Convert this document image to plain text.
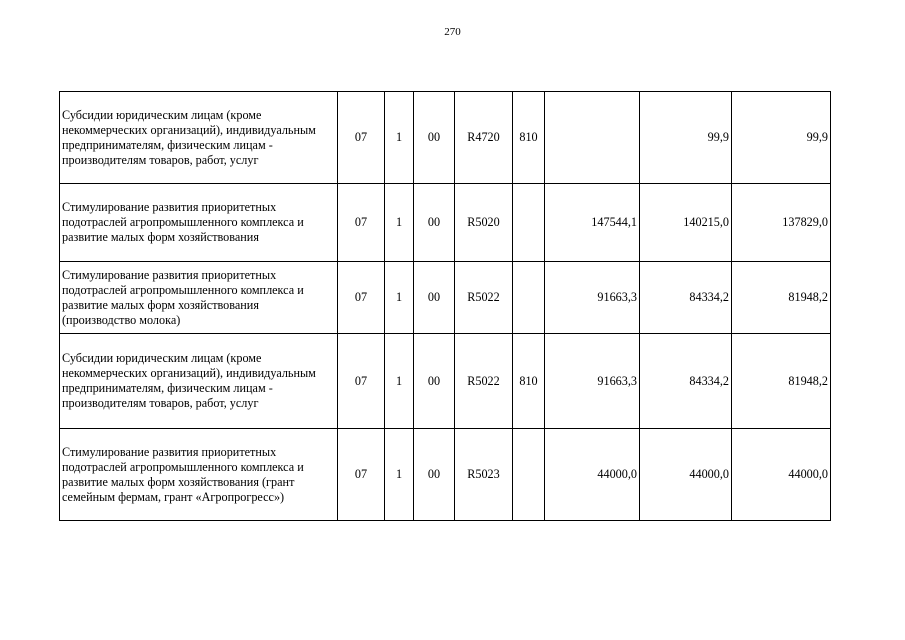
270
Субсидии юридическим лицам (кроме некоммерческих организаций), индивидуальным предпринимателям, физическим лицам - производителям товаров, работ, услуг	07	1	00	R4720	810		99,9	99,9
Стимулирование развития приоритетных подотраслей агропромышленного комплекса и развитие малых форм хозяйствования	07	1	00	R5020		147544,1	140215,0	137829,0
Стимулирование развития приоритетных подотраслей агропромышленного комплекса и развитие малых форм хозяйствования (производство молока)	07	1	00	R5022		91663,3	84334,2	81948,2
Субсидии юридическим лицам (кроме некоммерческих организаций), индивидуальным предпринимателям, физическим лицам - производителям товаров, работ, услуг	07	1	00	R5022	810	91663,3	84334,2	81948,2
Стимулирование развития приоритетных подотраслей агропромышленного комплекса и развитие малых форм хозяйствования (грант семейным фермам, грант «Агропрогресс»)	07	1	00	R5023		44000,0	44000,0	44000,0
